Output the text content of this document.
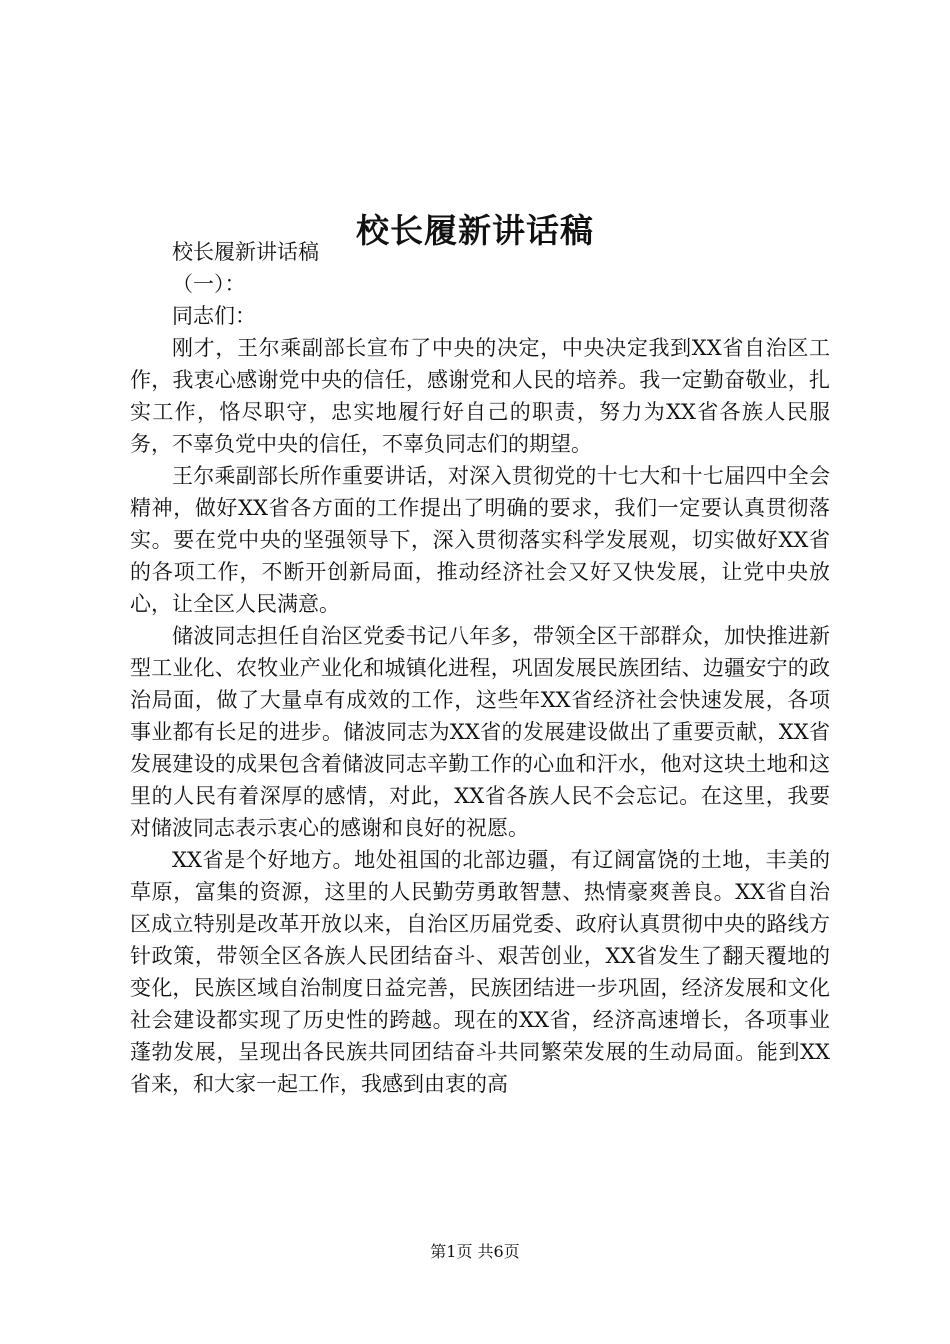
校长履新讲话稿

校长履新讲话稿

（一）：

同志们：

刚才，王尔乘副部长宣布了中央的决定，中央决定我到XX省自治区工作，我衷心感谢党中央的信任，感谢党和人民的培养。我一定勤奋敬业，扎实工作，恪尽职守，忠实地履行好自己的职责，努力为XX省各族人民服务，不辜负党中央的信任，不辜负同志们的期望。

王尔乘副部长所作重要讲话，对深入贯彻党的十七大和十七届四中全会精神，做好XX省各方面的工作提出了明确的要求，我们一定要认真贯彻落实。要在党中央的坚强领导下，深入贯彻落实科学发展观，切实做好XX省的各项工作，不断开创新局面，推动经济社会又好又快发展，让党中央放心，让全区人民满意。

储波同志担任自治区党委书记八年多，带领全区干部群众，加快推进新型工业化、农牧业产业化和城镇化进程，巩固发展民族团结、边疆安宁的政治局面，做了大量卓有成效的工作，这些年XX省经济社会快速发展，各项事业都有长足的进步。储波同志为XX省的发展建设做出了重要贡献，XX省发展建设的成果包含着储波同志辛勤工作的心血和汗水，他对这块土地和这里的人民有着深厚的感情，对此，XX省各族人民不会忘记。在这里，我要对储波同志表示衷心的感谢和良好的祝愿。

XX省是个好地方。地处祖国的北部边疆，有辽阔富饶的土地，丰美的草原，富集的资源，这里的人民勤劳勇敢智慧、热情豪爽善良。XX省自治区成立特别是改革开放以来，自治区历届党委、政府认真贯彻中央的路线方针政策，带领全区各族人民团结奋斗、艰苦创业，XX省发生了翻天覆地的变化，民族区域自治制度日益完善，民族团结进一步巩固，经济发展和文化社会建设都实现了历史性的跨越。现在的XX省，经济高速增长，各项事业蓬勃发展，呈现出各民族共同团结奋斗共同繁荣发展的生动局面。能到XX省来，和大家一起工作，我感到由衷的高

第1页 共6页
